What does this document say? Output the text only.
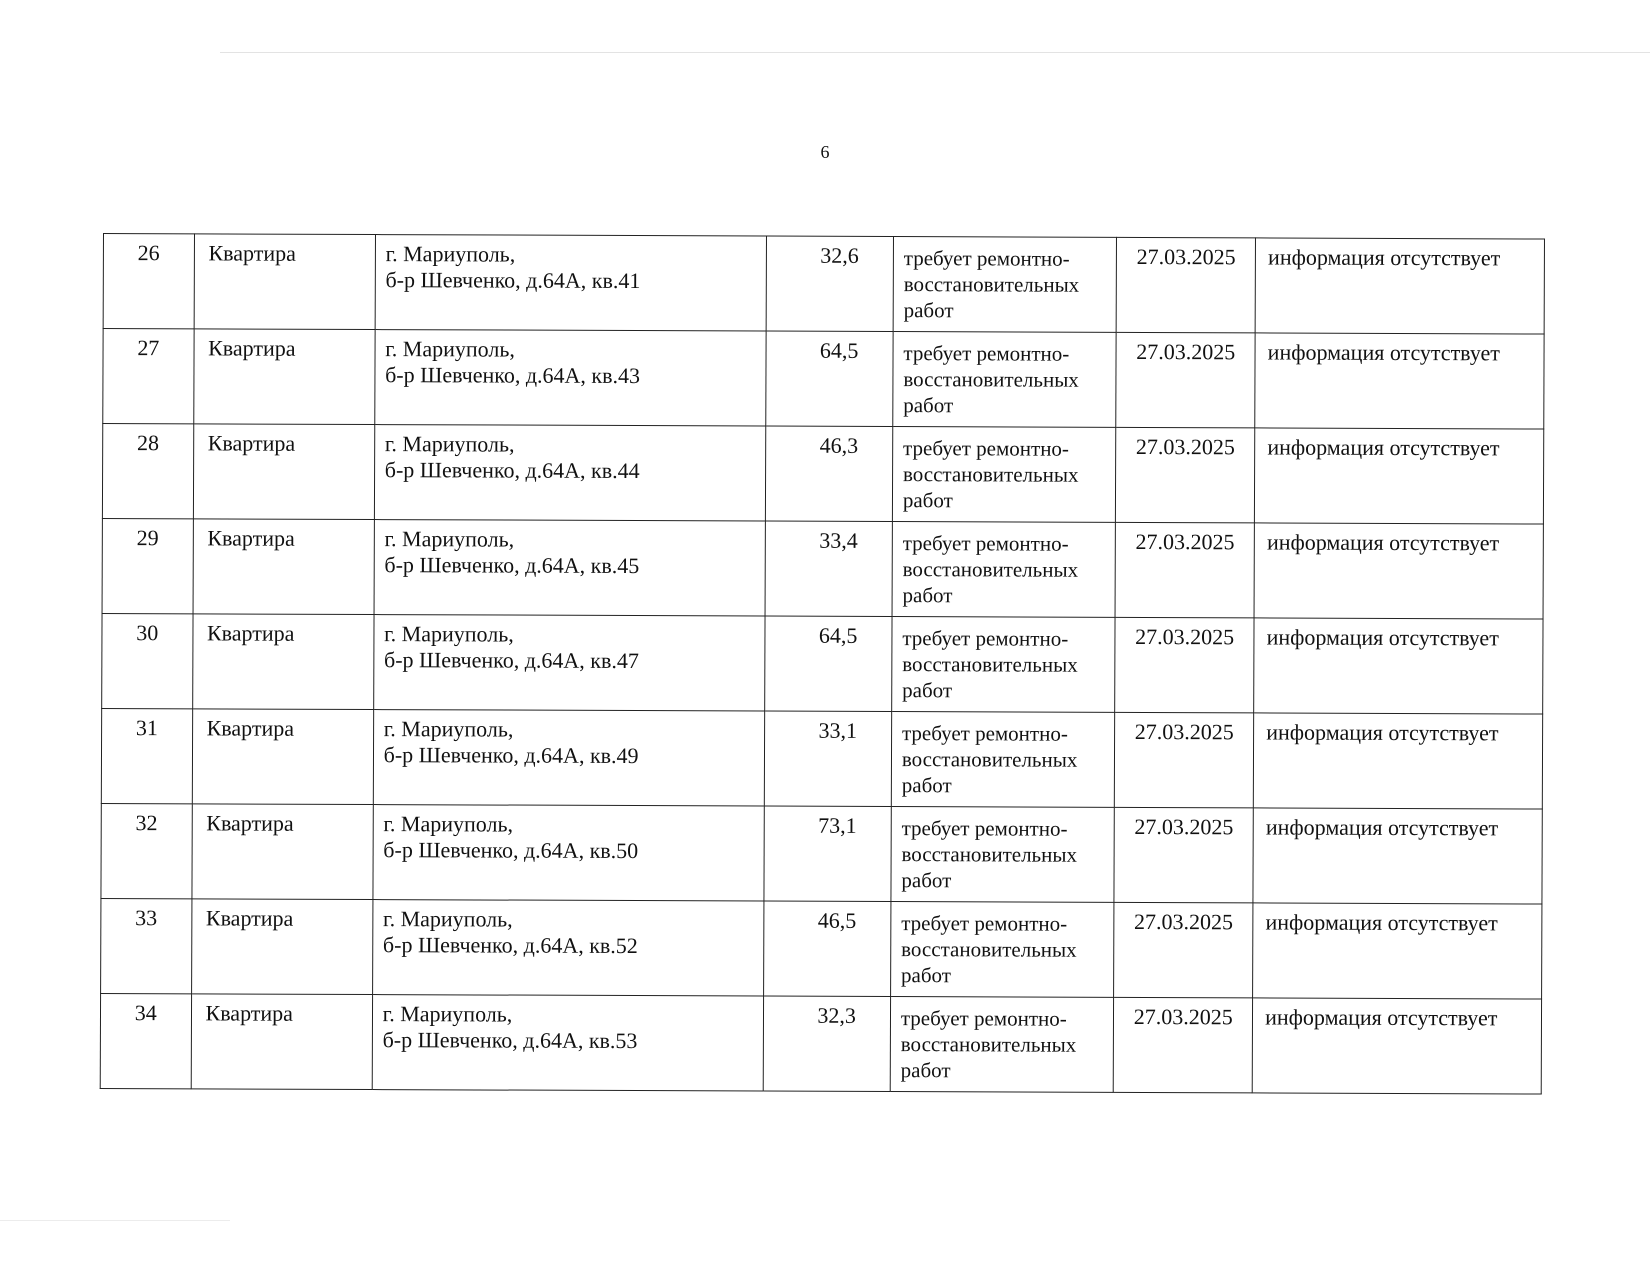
6
26	Квартира	г. Мариуполь,
б-р Шевченко, д.64А, кв.41	32,6	требует ремонтно-восстановительных работ	27.03.2025	информация отсутствует
27	Квартира	г. Мариуполь,
б-р Шевченко, д.64А, кв.43	64,5	требует ремонтно-восстановительных работ	27.03.2025	информация отсутствует
28	Квартира	г. Мариуполь,
б-р Шевченко, д.64А, кв.44	46,3	требует ремонтно-восстановительных работ	27.03.2025	информация отсутствует
29	Квартира	г. Мариуполь,
б-р Шевченко, д.64А, кв.45	33,4	требует ремонтно-восстановительных работ	27.03.2025	информация отсутствует
30	Квартира	г. Мариуполь,
б-р Шевченко, д.64А, кв.47	64,5	требует ремонтно-восстановительных работ	27.03.2025	информация отсутствует
31	Квартира	г. Мариуполь,
б-р Шевченко, д.64А, кв.49	33,1	требует ремонтно-восстановительных работ	27.03.2025	информация отсутствует
32	Квартира	г. Мариуполь,
б-р Шевченко, д.64А, кв.50	73,1	требует ремонтно-восстановительных работ	27.03.2025	информация отсутствует
33	Квартира	г. Мариуполь,
б-р Шевченко, д.64А, кв.52	46,5	требует ремонтно-восстановительных работ	27.03.2025	информация отсутствует
34	Квартира	г. Мариуполь,
б-р Шевченко, д.64А, кв.53	32,3	требует ремонтно-восстановительных работ	27.03.2025	информация отсутствует
